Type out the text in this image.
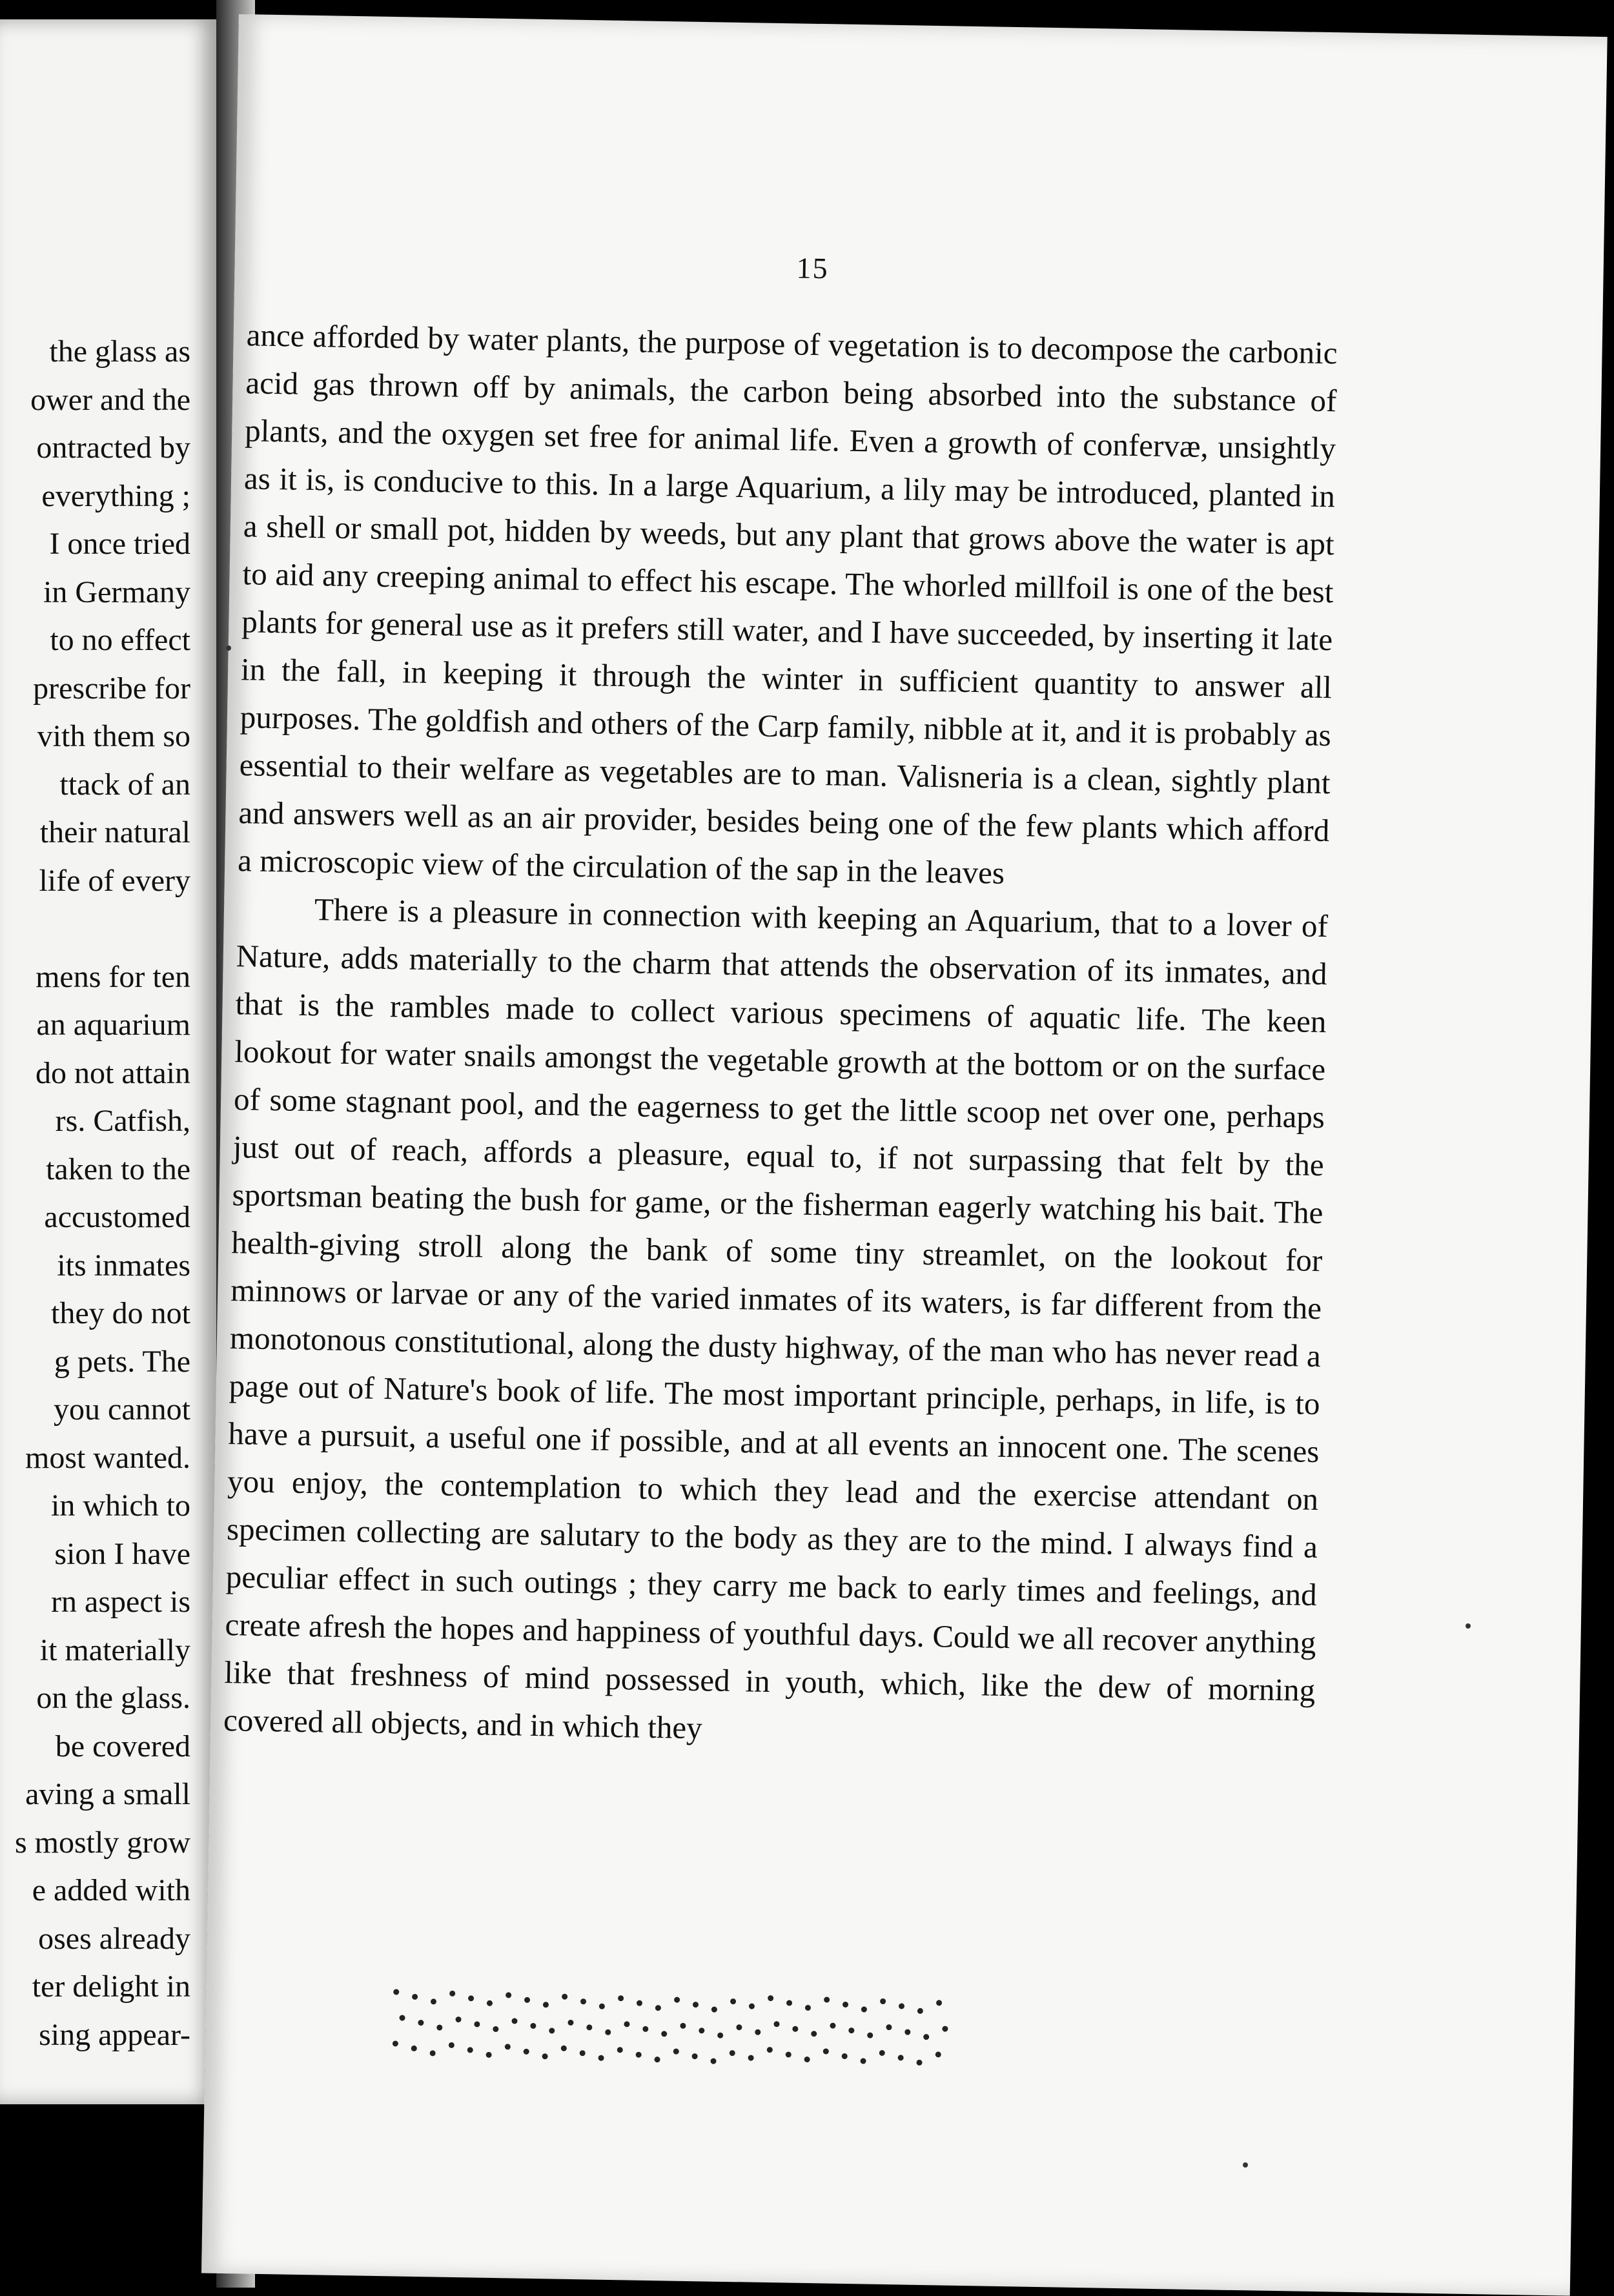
the glass as
ower and the
ontracted by
everything ;
I once tried
in Germany
to no effect
prescribe for
vith them so
ttack of an
their natural
life of every

mens for ten
an aquarium
do not attain
rs. Catfish,
taken to the
accustomed
its inmates
they do not
g pets. The
you cannot
most wanted.
in which to
sion I have
rn aspect is
it materially
on the glass.
be covered
aving a small
s mostly grow
e added with
oses already
ter delight in
sing appear-
15

ance afforded by water plants, the purpose of vegetation is to decompose the carbonic acid gas thrown off by animals, the carbon being absorbed into the substance of plants, and the oxygen set free for animal life. Even a growth of confervæ, unsightly as it is, is conducive to this. In a large Aquarium, a lily may be introduced, planted in a shell or small pot, hidden by weeds, but any plant that grows above the water is apt to aid any creeping animal to effect his escape. The whorled millfoil is one of the best plants for general use as it prefers still water, and I have succeeded, by inserting it late in the fall, in keeping it through the winter in sufficient quantity to answer all purposes. The goldfish and others of the Carp family, nibble at it, and it is probably as essential to their welfare as vegetables are to man. Valisneria is a clean, sightly plant and answers well as an air provider, besides being one of the few plants which afford a microscopic view of the circulation of the sap in the leaves

There is a pleasure in connection with keeping an Aquarium, that to a lover of Nature, adds materially to the charm that attends the observation of its inmates, and that is the rambles made to collect various specimens of aquatic life. The keen lookout for water snails amongst the vegetable growth at the bottom or on the surface of some stagnant pool, and the eagerness to get the little scoop net over one, perhaps just out of reach, affords a pleasure, equal to, if not surpassing that felt by the sportsman beating the bush for game, or the fisherman eagerly watching his bait. The health-giving stroll along the bank of some tiny streamlet, on the lookout for minnows or larvae or any of the varied inmates of its waters, is far different from the monotonous constitutional, along the dusty highway, of the man who has never read a page out of Nature's book of life. The most important principle, perhaps, in life, is to have a pursuit, a useful one if possible, and at all events an innocent one. The scenes you enjoy, the contemplation to which they lead and the exercise attendant on specimen collecting are salutary to the body as they are to the mind. I always find a peculiar effect in such outings ; they carry me back to early times and feelings, and create afresh the hopes and happiness of youthful days. Could we all recover anything like that freshness of mind possessed in youth, which, like the dew of morning covered all objects, and in which they
